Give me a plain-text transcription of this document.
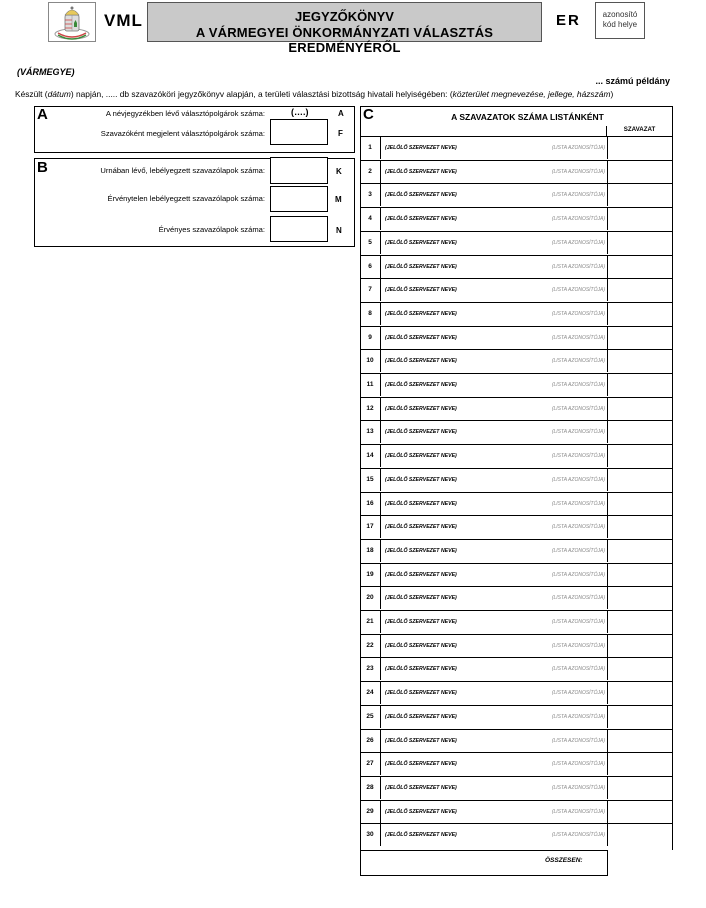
VML	JEGYZŐKÖNYV
A VÁRMEGYEI ÖNKORMÁNYZATI VÁLASZTÁS EREDMÉNYÉRŐL
ER	azonosító
kód helye
(VÁRMEGYE)
... számú példány
Készült (dátum) napján, ..... db szavazóköri jegyzőkönyv alapján, a területi választási bizottság hivatali helyiségében: (közterület megnevezése, jellege, házszám)
A	A névjegyzékben lévő választópolgárok száma:	(….)	A
Szavazóként megjelent választópolgárok száma:	F
B	Urnában lévő, lebélyegzett szavazólapok száma:	K
Érvénytelen lebélyegzett szavazólapok száma:	M
Érvényes szavazólapok száma:	N
C	A SZAVAZATOK SZÁMA LISTÁNKÉNT
SZAVAZAT
1	(JELÖLŐ SZERVEZET NEVE)	(LISTA AZONOSÍTÓJA)
2	(JELÖLŐ SZERVEZET NEVE)	(LISTA AZONOSÍTÓJA)
3	(JELÖLŐ SZERVEZET NEVE)	(LISTA AZONOSÍTÓJA)
4	(JELÖLŐ SZERVEZET NEVE)	(LISTA AZONOSÍTÓJA)
5	(JELÖLŐ SZERVEZET NEVE)	(LISTA AZONOSÍTÓJA)
6	(JELÖLŐ SZERVEZET NEVE)	(LISTA AZONOSÍTÓJA)
7	(JELÖLŐ SZERVEZET NEVE)	(LISTA AZONOSÍTÓJA)
8	(JELÖLŐ SZERVEZET NEVE)	(LISTA AZONOSÍTÓJA)
9	(JELÖLŐ SZERVEZET NEVE)	(LISTA AZONOSÍTÓJA)
10	(JELÖLŐ SZERVEZET NEVE)	(LISTA AZONOSÍTÓJA)
11	(JELÖLŐ SZERVEZET NEVE)	(LISTA AZONOSÍTÓJA)
12	(JELÖLŐ SZERVEZET NEVE)	(LISTA AZONOSÍTÓJA)
13	(JELÖLŐ SZERVEZET NEVE)	(LISTA AZONOSÍTÓJA)
14	(JELÖLŐ SZERVEZET NEVE)	(LISTA AZONOSÍTÓJA)
15	(JELÖLŐ SZERVEZET NEVE)	(LISTA AZONOSÍTÓJA)
16	(JELÖLŐ SZERVEZET NEVE)	(LISTA AZONOSÍTÓJA)
17	(JELÖLŐ SZERVEZET NEVE)	(LISTA AZONOSÍTÓJA)
18	(JELÖLŐ SZERVEZET NEVE)	(LISTA AZONOSÍTÓJA)
19	(JELÖLŐ SZERVEZET NEVE)	(LISTA AZONOSÍTÓJA)
20	(JELÖLŐ SZERVEZET NEVE)	(LISTA AZONOSÍTÓJA)
21	(JELÖLŐ SZERVEZET NEVE)	(LISTA AZONOSÍTÓJA)
22	(JELÖLŐ SZERVEZET NEVE)	(LISTA AZONOSÍTÓJA)
23	(JELÖLŐ SZERVEZET NEVE)	(LISTA AZONOSÍTÓJA)
24	(JELÖLŐ SZERVEZET NEVE)	(LISTA AZONOSÍTÓJA)
25	(JELÖLŐ SZERVEZET NEVE)	(LISTA AZONOSÍTÓJA)
26	(JELÖLŐ SZERVEZET NEVE)	(LISTA AZONOSÍTÓJA)
27	(JELÖLŐ SZERVEZET NEVE)	(LISTA AZONOSÍTÓJA)
28	(JELÖLŐ SZERVEZET NEVE)	(LISTA AZONOSÍTÓJA)
29	(JELÖLŐ SZERVEZET NEVE)	(LISTA AZONOSÍTÓJA)
30	(JELÖLŐ SZERVEZET NEVE)	(LISTA AZONOSÍTÓJA)
ÖSSZESEN:
